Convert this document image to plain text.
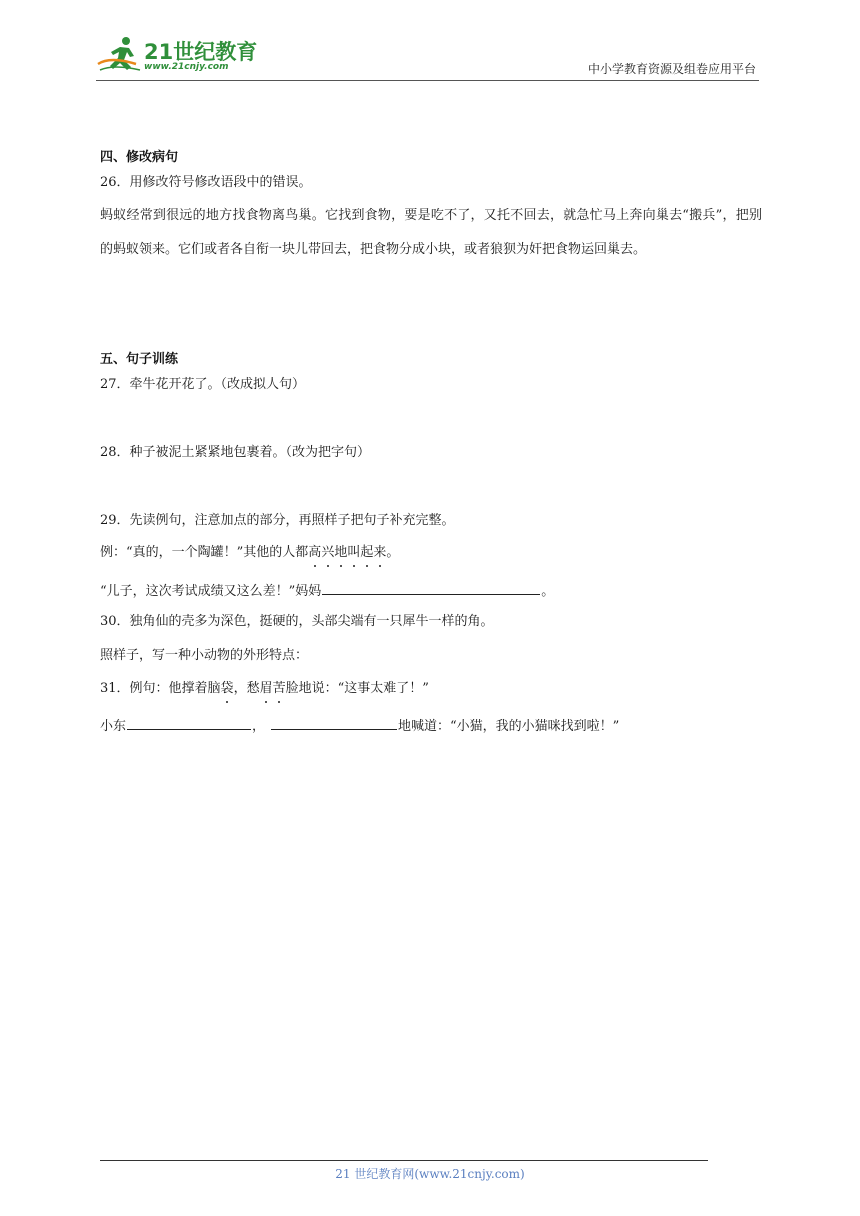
21世纪教育
www.21cnjy.com	中小学教育资源及组卷应用平台
四、修改病句
26．用修改符号修改语段中的错误。
蚂蚁经常到很远的地方找食物离鸟巢。它找到食物，要是吃不了，又托不回去，就急忙马上奔向巢去“搬兵”，把别的蚂蚁领来。它们或者各自衔一块儿带回去，把食物分成小块，或者狼狈为奸把食物运回巢去。
五、句子训练
27．牵牛花开花了。（改成拟人句）
28．种子被泥土紧紧地包裹着。（改为把字句）
29．先读例句，注意加点的部分，再照样子把句子补充完整。
例：“真的，一个陶罐！”其他的人都高兴地叫起来。
“儿子，这次考试成绩又这么差！”妈妈	。
30．独角仙的壳多为深色，挺硬的，头部尖端有一只犀牛一样的角。
照样子，写一种小动物的外形特点：
31．例句：他撑着脑袋，愁眉苦脸地说：“这事太难了！”
小东	，	地喊道：“小猫，我的小猫咪找到啦！”
21 世纪教育网(www.21cnjy.com)
